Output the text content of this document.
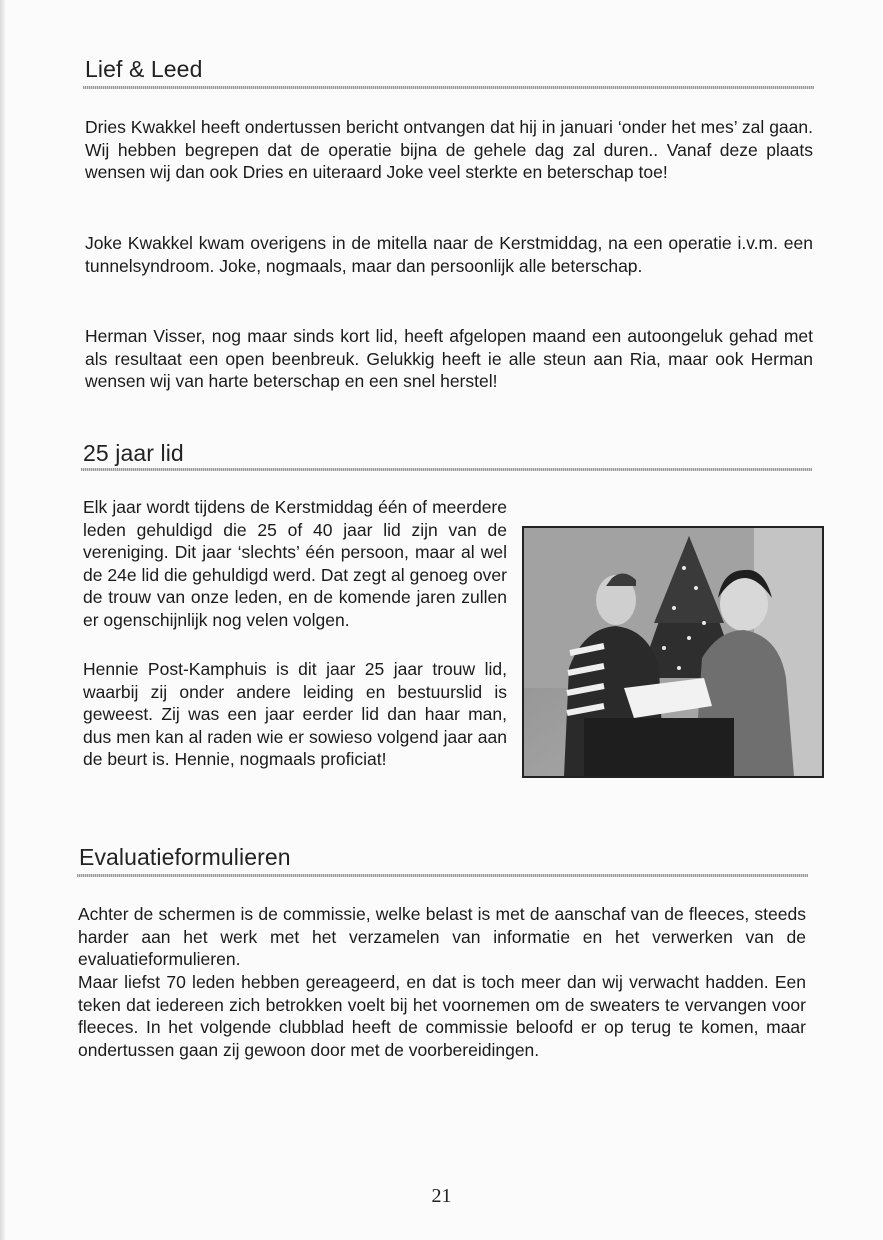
Lief & Leed

Dries Kwakkel heeft ondertussen bericht ontvangen dat hij in januari ‘onder het mes’ zal gaan. Wij hebben begrepen dat de operatie bijna de gehele dag zal duren.. Vanaf deze plaats wensen wij dan ook Dries en uiteraard Joke veel sterkte en beterschap toe!

Joke Kwakkel kwam overigens in de mitella naar de Kerstmiddag, na een operatie i.v.m. een tunnelsyndroom. Joke, nogmaals, maar dan persoonlijk alle beterschap.

Herman Visser, nog maar sinds kort lid, heeft afgelopen maand een autoongeluk gehad met als resultaat een open beenbreuk. Gelukkig heeft ie alle steun aan Ria, maar ook Herman wensen wij van harte beterschap en een snel herstel!

25 jaar lid

Elk jaar wordt tijdens de Kerstmiddag één of meerdere leden gehuldigd die 25 of 40 jaar lid zijn van de vereniging. Dit jaar ‘slechts’ één persoon, maar al wel de 24e lid die gehuldigd werd. Dat zegt al genoeg over de trouw van onze leden, en de komende jaren zullen er ogenschijnlijk nog velen volgen.

Hennie Post-Kamphuis is dit jaar 25 jaar trouw lid, waarbij zij onder andere leiding en bestuurslid is geweest. Zij was een jaar eerder lid dan haar man, dus men kan al raden wie er sowieso volgend jaar aan de beurt is. Hennie, nogmaals proficiat!

Evaluatieformulieren

Achter de schermen is de commissie, welke belast is met de aanschaf van de fleeces, steeds harder aan het werk met het verzamelen van informatie en het verwerken van de evaluatieformulieren.

Maar liefst 70 leden hebben gereageerd, en dat is toch meer dan wij verwacht hadden. Een teken dat iedereen zich betrokken voelt bij het voornemen om de sweaters te vervangen voor fleeces. In het volgende clubblad heeft de commissie beloofd er op terug te komen, maar ondertussen gaan zij gewoon door met de voorbereidingen.

21
